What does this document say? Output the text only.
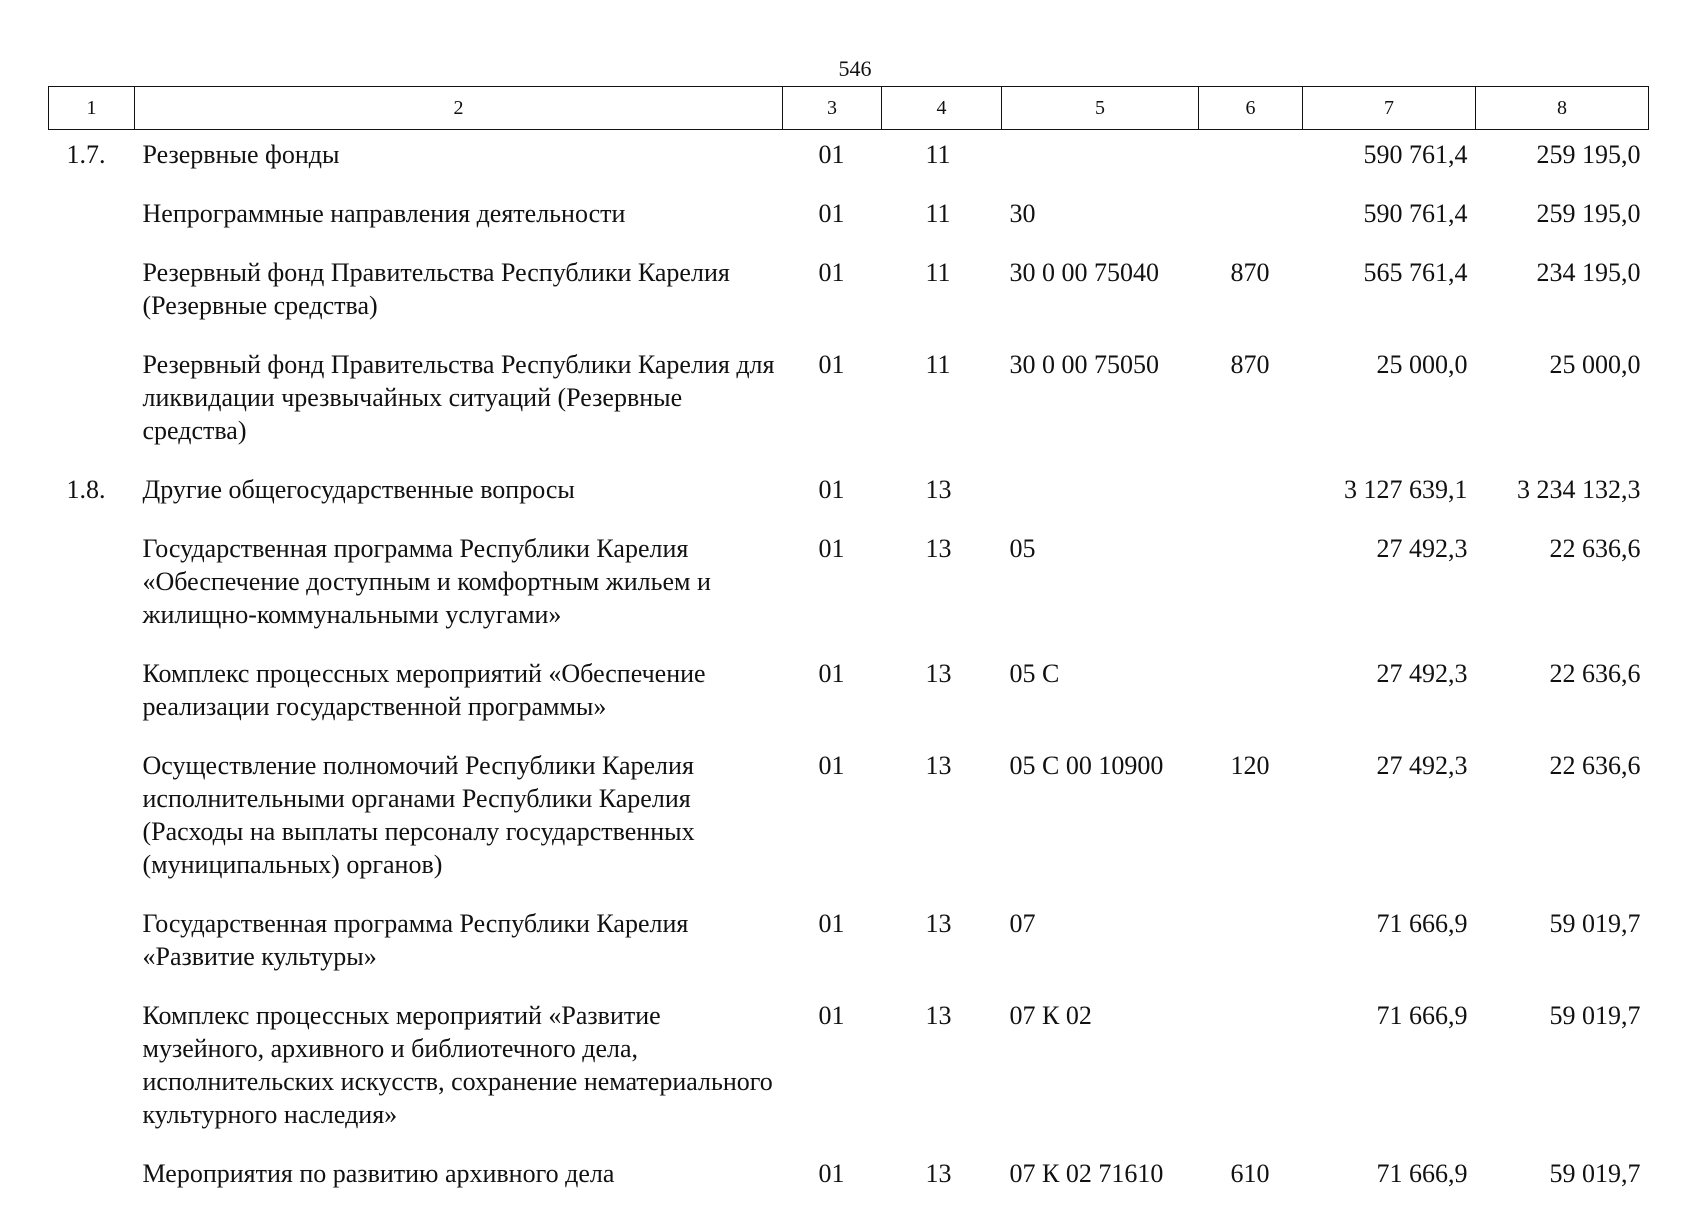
546
1	2	3	4	5	6	7	8
1.7.	Резервные фонды	01	11			590 761,4	259 195,0
	Непрограммные направления деятельности	01	11	30		590 761,4	259 195,0
	Резервный фонд Правительства Республики Карелия (Резервные средства)	01	11	30 0 00 75040	870	565 761,4	234 195,0
	Резервный фонд Правительства Республики Карелия для ликвидации чрезвычайных ситуаций (Резервные средства)	01	11	30 0 00 75050	870	25 000,0	25 000,0
1.8.	Другие общегосударственные вопросы	01	13			3 127 639,1	3 234 132,3
	Государственная программа Республики Карелия «Обеспечение доступным и комфортным жильем и жилищно-коммунальными услугами»	01	13	05		27 492,3	22 636,6
	Комплекс процессных мероприятий «Обеспечение реализации государственной программы»	01	13	05 С		27 492,3	22 636,6
	Осуществление полномочий Республики Карелия исполнительными органами Республики Карелия (Расходы на выплаты персоналу государственных (муниципальных) органов)	01	13	05 С 00 10900	120	27 492,3	22 636,6
	Государственная программа Республики Карелия «Развитие культуры»	01	13	07		71 666,9	59 019,7
	Комплекс процессных мероприятий «Развитие музейного, архивного и библиотечного дела, исполнительских искусств, сохранение нематериального культурного наследия»	01	13	07 К 02		71 666,9	59 019,7
	Мероприятия по развитию архивного дела	01	13	07 К 02 71610	610	71 666,9	59 019,7
